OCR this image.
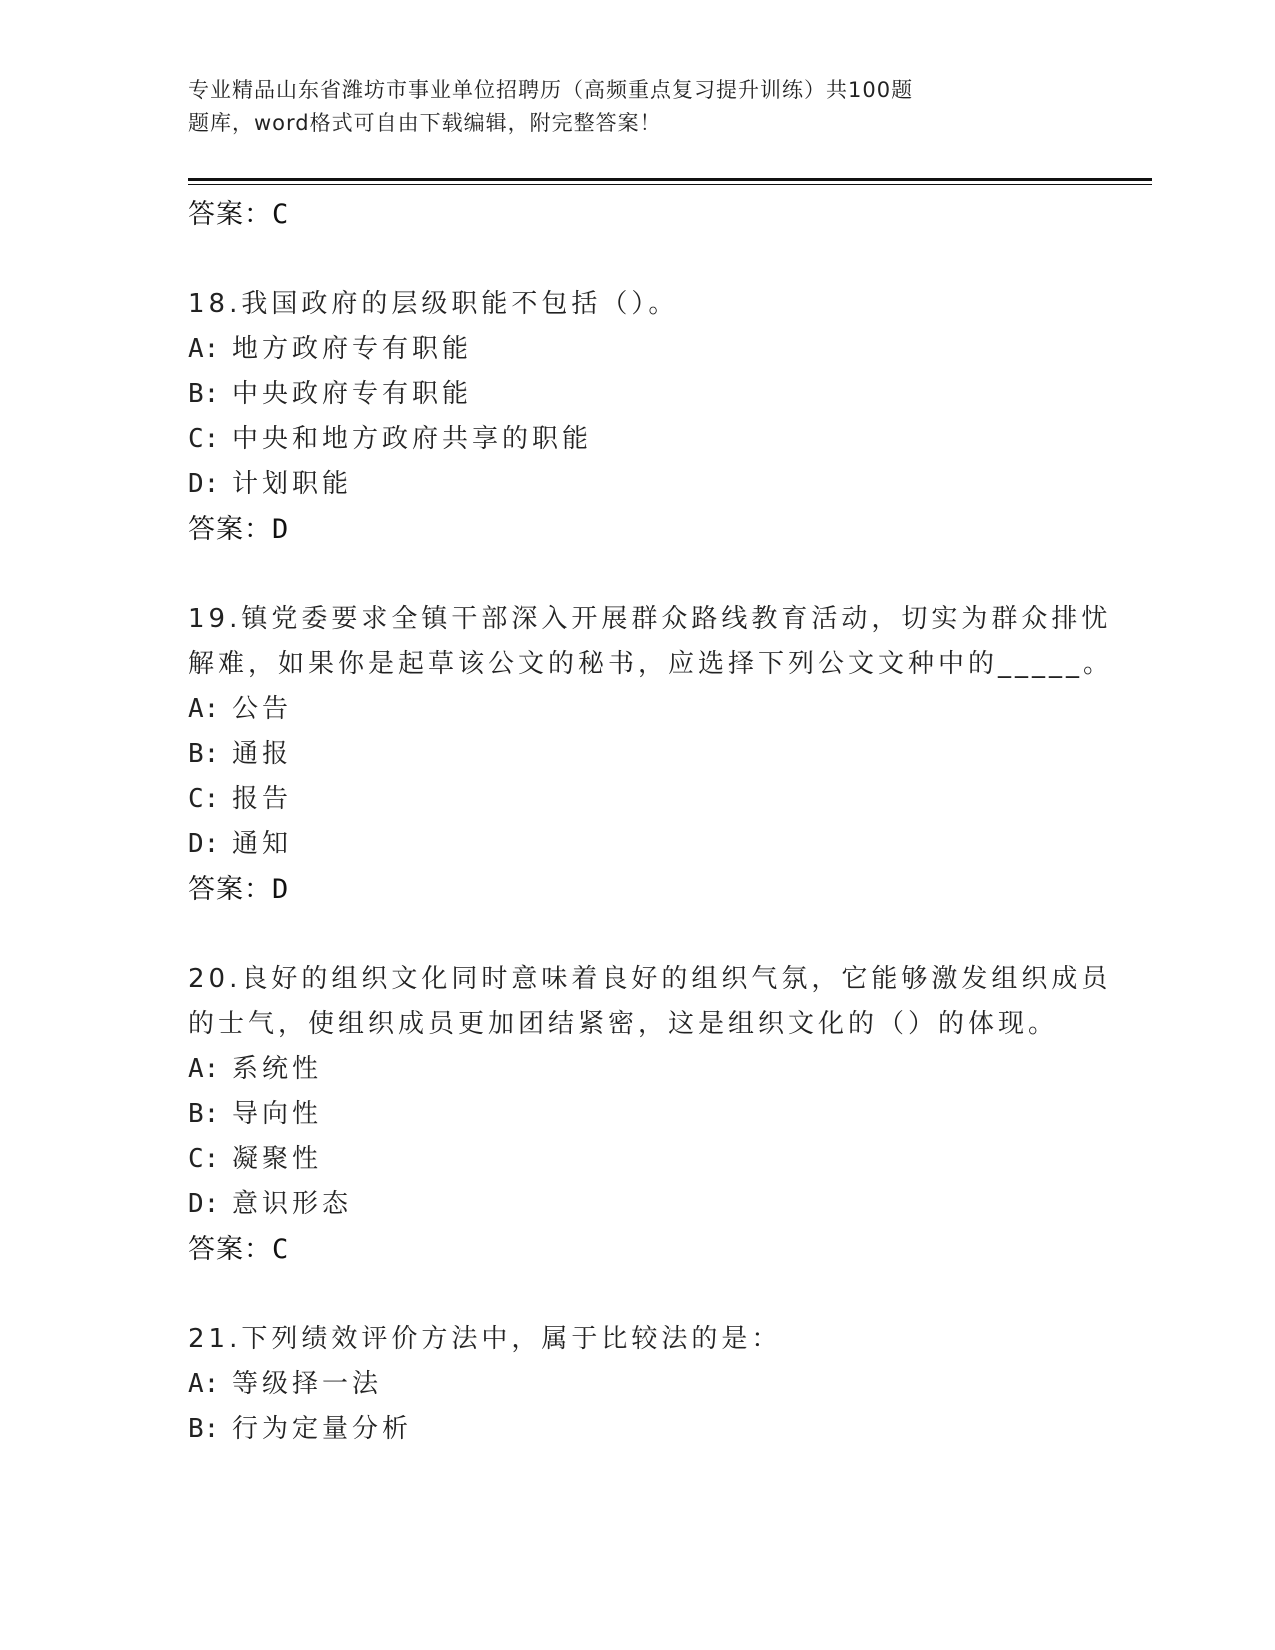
专业精品山东省潍坊市事业单位招聘历（高频重点复习提升训练）共100题
题库，word格式可自由下载编辑，附完整答案！
答案：C
18.我国政府的层级职能不包括（）。
A: 地方政府专有职能
B: 中央政府专有职能
C: 中央和地方政府共享的职能
D: 计划职能
答案：D
19.镇党委要求全镇干部深入开展群众路线教育活动，切实为群众排忧
解难，如果你是起草该公文的秘书，应选择下列公文文种中的_____。
A: 公告
B: 通报
C: 报告
D: 通知
答案：D
20.良好的组织文化同时意味着良好的组织气氛，它能够激发组织成员
的士气，使组织成员更加团结紧密，这是组织文化的（）的体现。
A: 系统性
B: 导向性
C: 凝聚性
D: 意识形态
答案：C
21.下列绩效评价方法中，属于比较法的是：
A: 等级择一法
B: 行为定量分析
